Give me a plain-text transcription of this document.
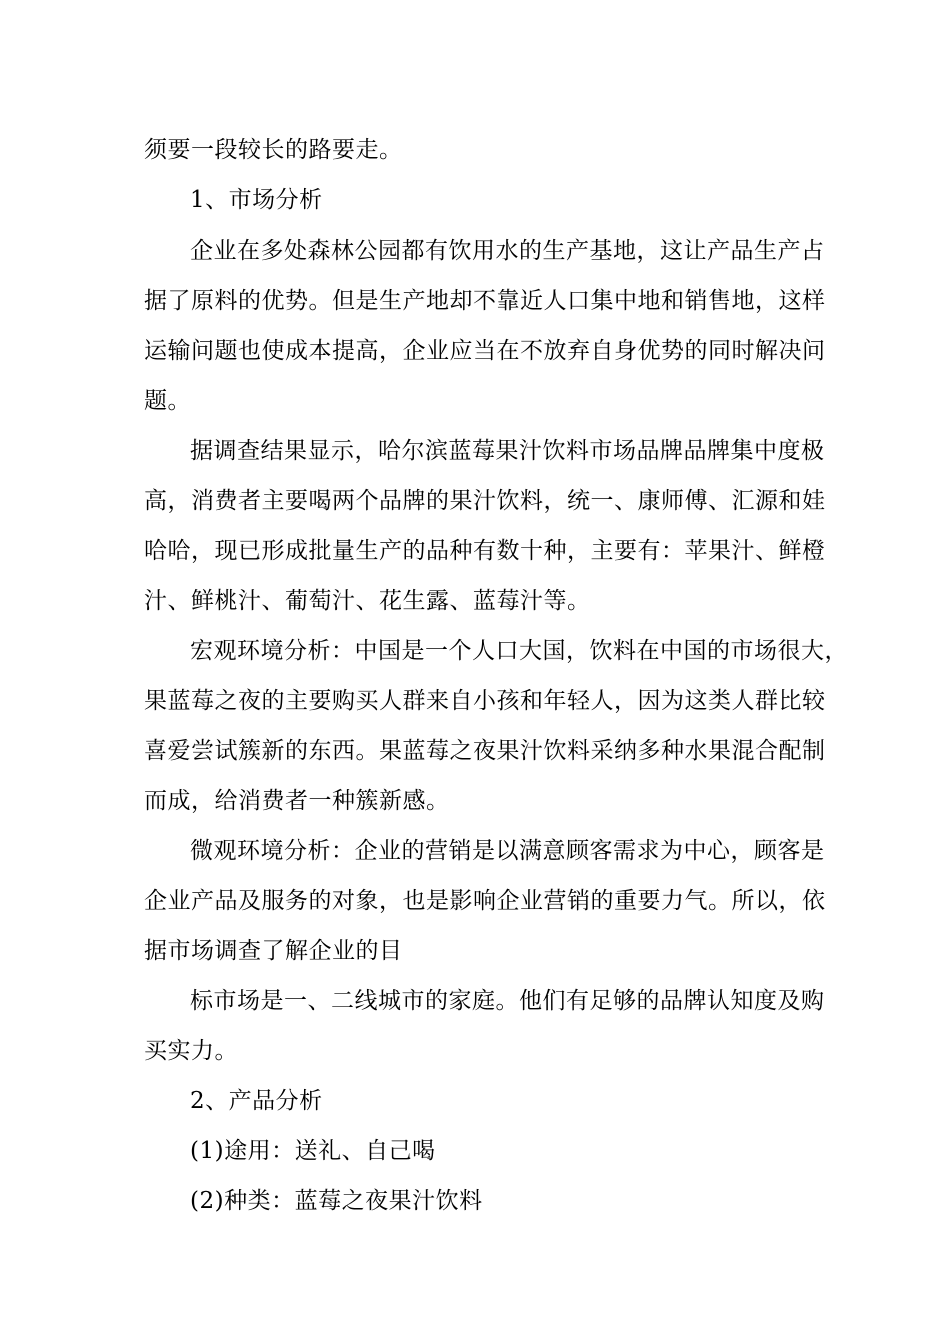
须要一段较长的路要走。
1、市场分析
企业在多处森林公园都有饮用水的生产基地，这让产品生产占
据了原料的优势。但是生产地却不靠近人口集中地和销售地，这样
运输问题也使成本提高，企业应当在不放弃自身优势的同时解决问
题。
据调查结果显示，哈尔滨蓝莓果汁饮料市场品牌品牌集中度极
高，消费者主要喝两个品牌的果汁饮料，统一、康师傅、汇源和娃
哈哈，现已形成批量生产的品种有数十种，主要有：苹果汁、鲜橙
汁、鲜桃汁、葡萄汁、花生露、蓝莓汁等。
宏观环境分析：中国是一个人口大国，饮料在中国的市场很大，
果蓝莓之夜的主要购买人群来自小孩和年轻人，因为这类人群比较
喜爱尝试簇新的东西。果蓝莓之夜果汁饮料采纳多种水果混合配制
而成，给消费者一种簇新感。
微观环境分析：企业的营销是以满意顾客需求为中心，顾客是
企业产品及服务的对象，也是影响企业营销的重要力气。所以，依
据市场调查了解企业的目
标市场是一、二线城市的家庭。他们有足够的品牌认知度及购
买实力。
2、产品分析
(1)途用：送礼、自己喝
(2)种类：蓝莓之夜果汁饮料
